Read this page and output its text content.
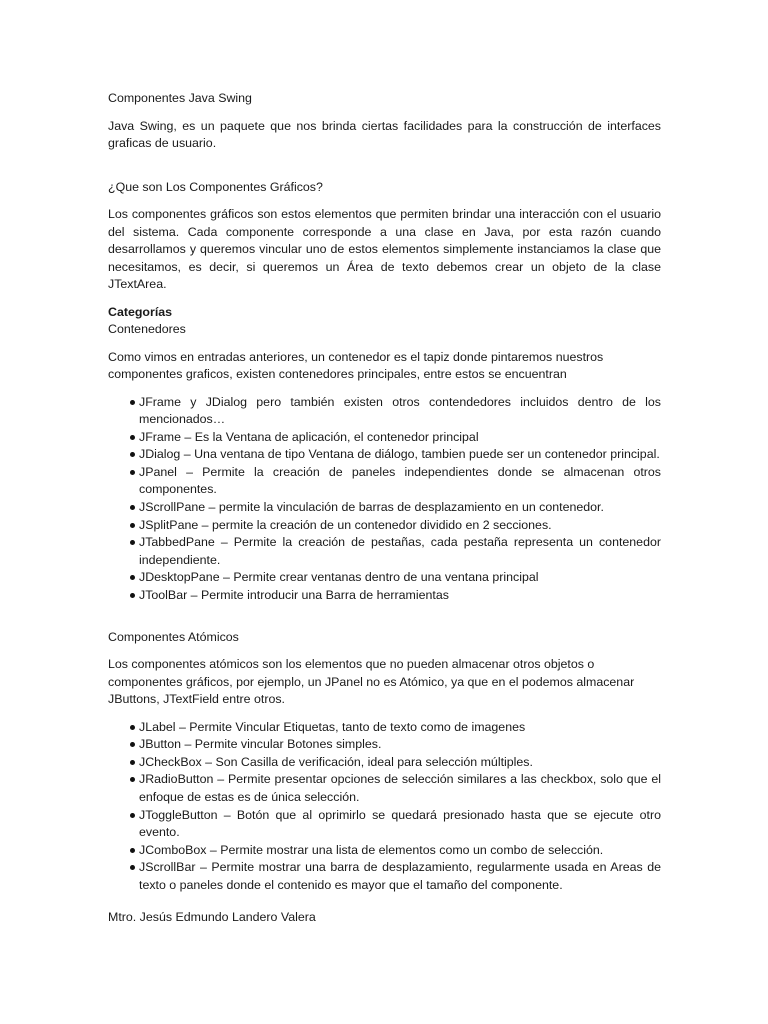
Componentes Java Swing

Java Swing, es un paquete que nos brinda ciertas facilidades para la construcción de interfaces graficas de usuario.

¿Que son Los Componentes Gráficos?

Los componentes gráficos son estos elementos que permiten brindar una interacción con el usuario del sistema. Cada componente corresponde a una clase en Java, por esta razón cuando desarrollamos y queremos vincular uno de estos elementos simplemente instanciamos la clase que necesitamos, es decir, si queremos un Área de texto debemos crear un objeto de la clase JTextArea.

Categorías

Contenedores

Como vimos en entradas anteriores, un contenedor es el tapiz donde pintaremos nuestros componentes graficos, existen contenedores principales, entre estos se encuentran

JFrame y JDialog pero también existen otros contendedores incluidos dentro de los mencionados…
JFrame – Es la Ventana de aplicación, el contenedor principal
JDialog – Una ventana de tipo Ventana de diálogo, tambien puede ser un contenedor principal.
JPanel – Permite la creación de paneles independientes donde se almacenan otros componentes.
JScrollPane – permite la vinculación de barras de desplazamiento en un contenedor.
JSplitPane – permite la creación de un contenedor dividido en 2 secciones.
JTabbedPane – Permite la creación de pestañas, cada pestaña representa un contenedor independiente.
JDesktopPane – Permite crear ventanas dentro de una ventana principal
JToolBar – Permite introducir una Barra de herramientas

Componentes Atómicos

Los componentes atómicos son los elementos que no pueden almacenar otros objetos o componentes gráficos, por ejemplo, un JPanel no es Atómico, ya que en el podemos almacenar JButtons, JTextField entre otros.

JLabel – Permite Vincular Etiquetas, tanto de texto como de imagenes
JButton – Permite vincular Botones simples.
JCheckBox – Son Casilla de verificación, ideal para selección múltiples.
JRadioButton – Permite presentar opciones de selección similares a las checkbox, solo que el enfoque de estas es de única selección.
JToggleButton – Botón que al oprimirlo se quedará presionado hasta que se ejecute otro evento.
JComboBox – Permite mostrar una lista de elementos como un combo de selección.
JScrollBar – Permite mostrar una barra de desplazamiento, regularmente usada en Areas de texto o paneles donde el contenido es mayor que el tamaño del componente.

Mtro. Jesús Edmundo Landero Valera
